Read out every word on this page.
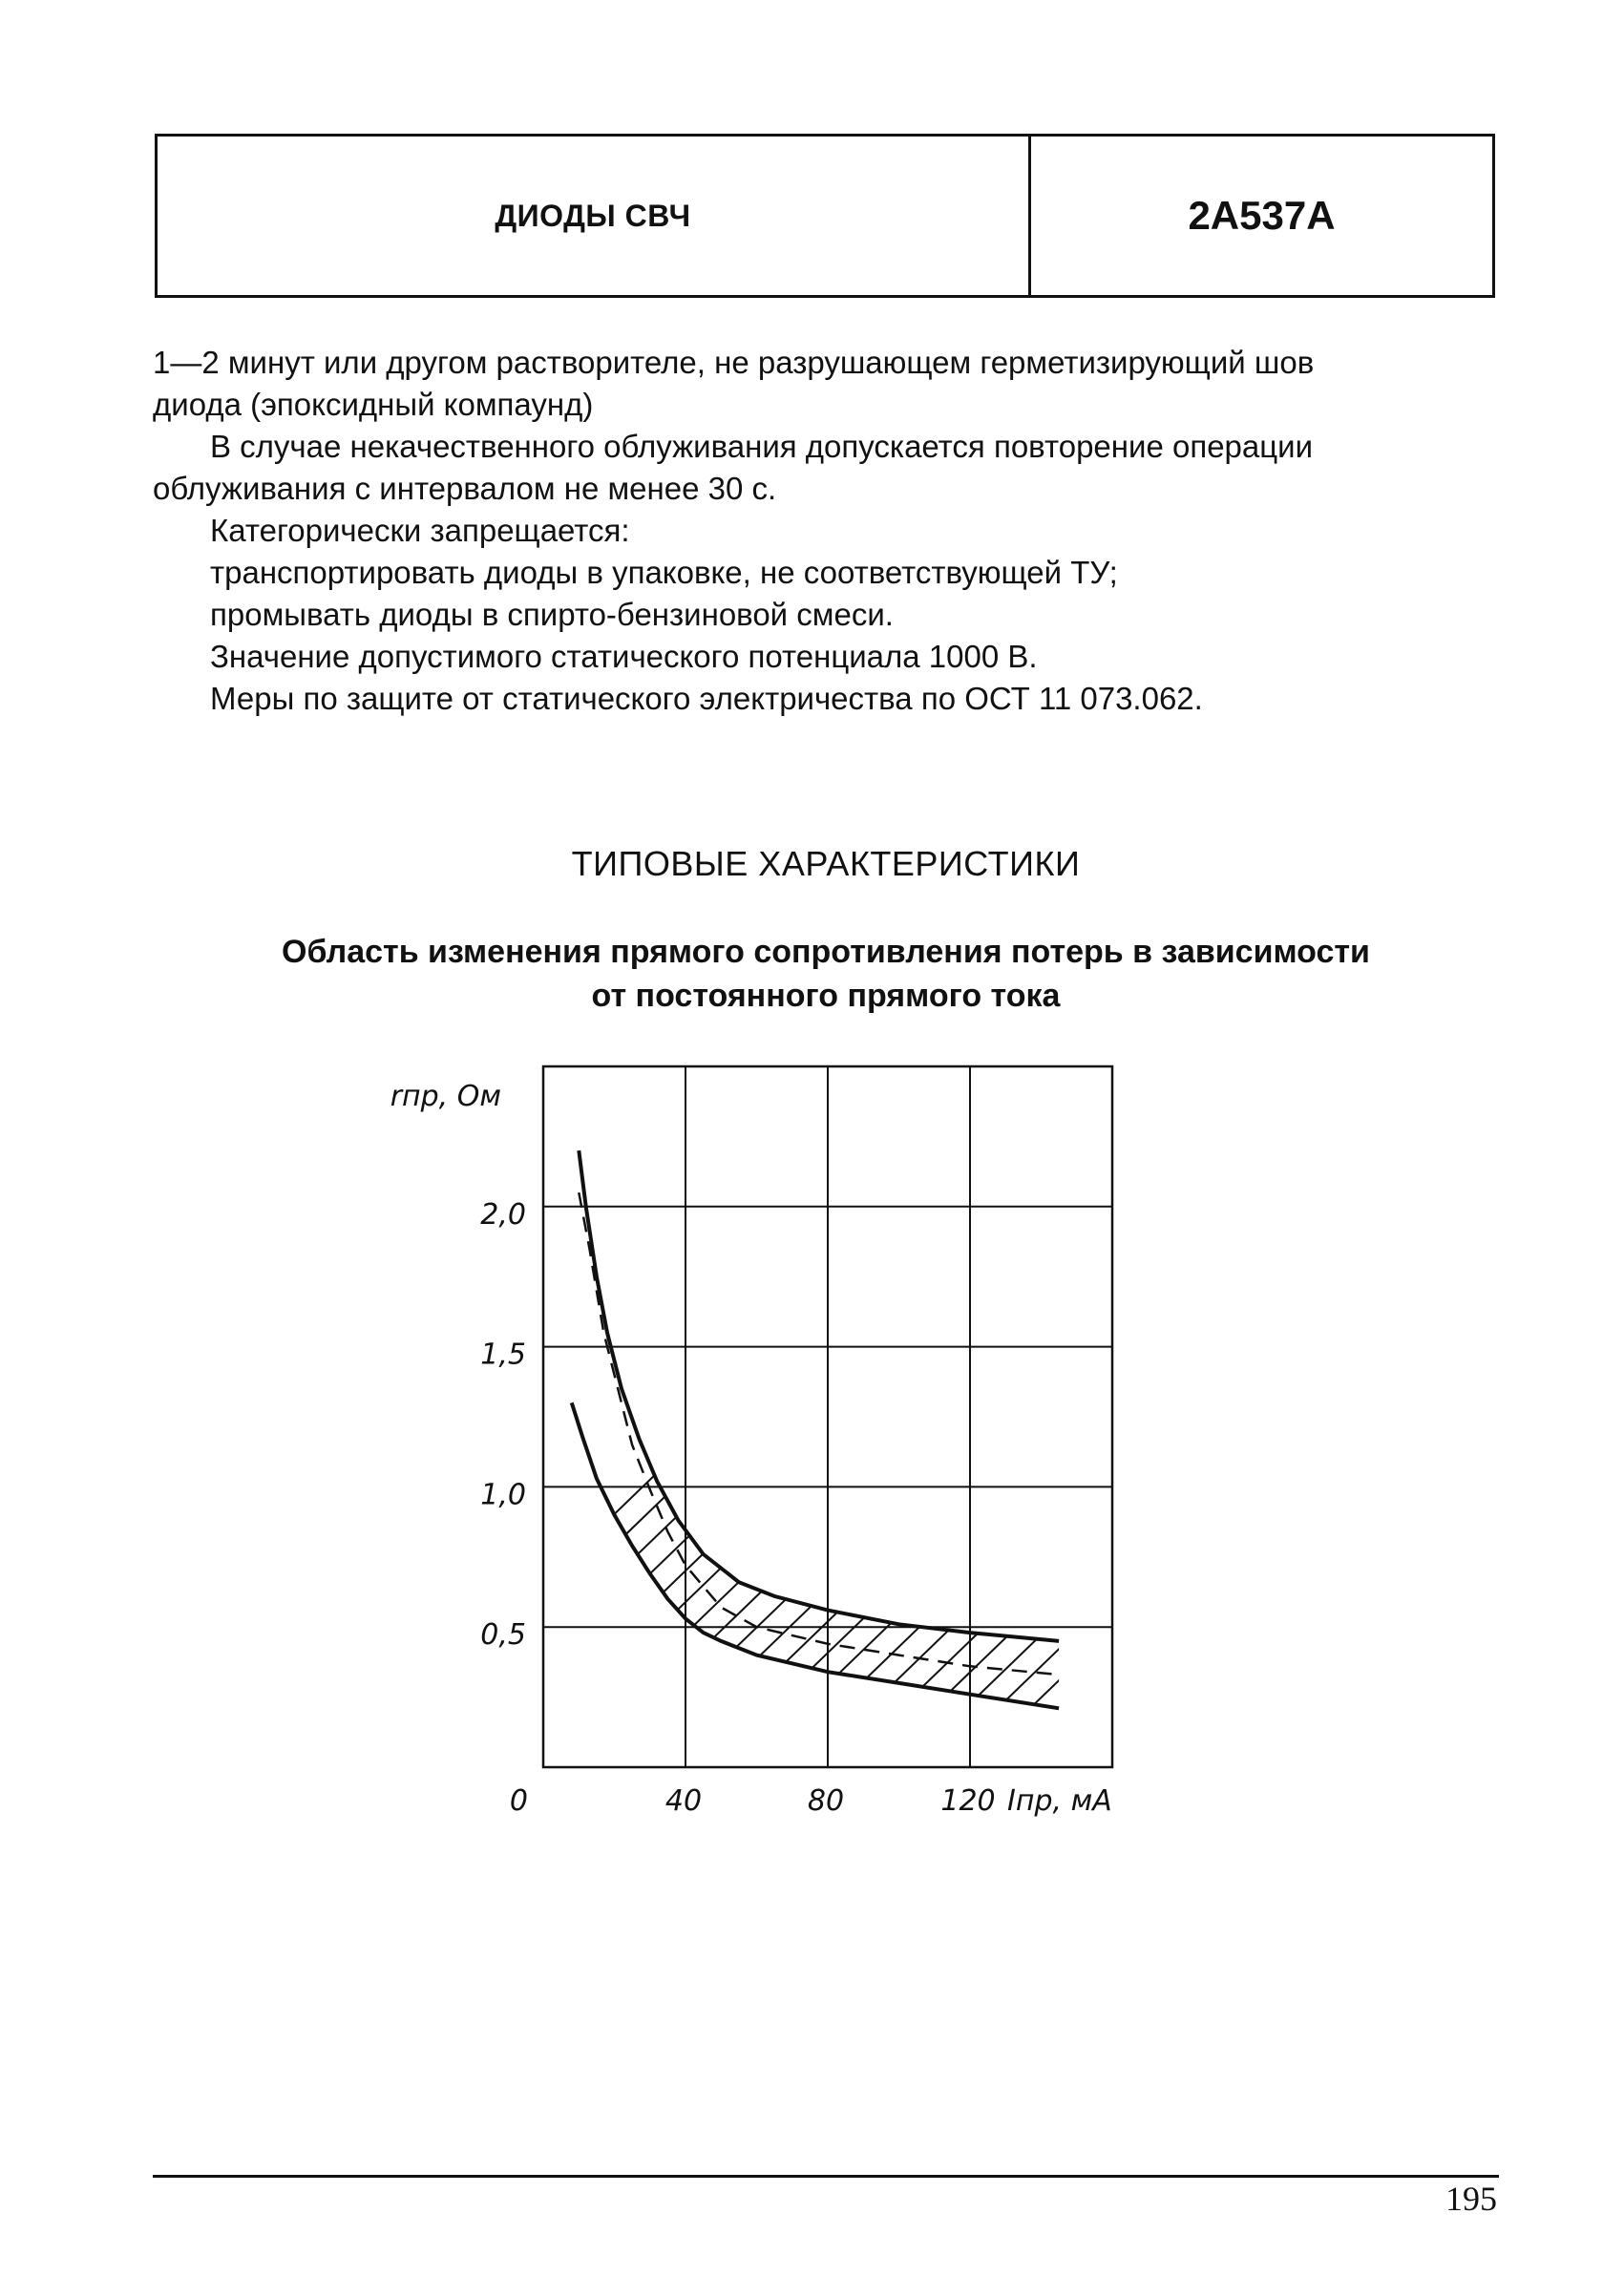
ДИОДЫ СВЧ	2А537А

1—2 минут или другом растворителе, не разрушающем герметизирующий шов

диода (эпоксидный компаунд)

В случае некачественного облуживания допускается повторение операции

облуживания с интервалом не менее 30 с.

Категорически запрещается:

транспортировать диоды в упаковке, не соответствующей ТУ;

промывать диоды в спирто-бензиновой смеси.

Значение допустимого статического потенциала 1000 В.

Меры по защите от статического электричества по ОСТ 11 073.062.

ТИПОВЫЕ ХАРАКТЕРИСТИКИ
Область изменения прямого сопротивления потерь в зависимости
от постоянного прямого тока
0,5
1,0
1,5
2,0
0	40	80	120
rпр, Ом
Iпр, мА
195
